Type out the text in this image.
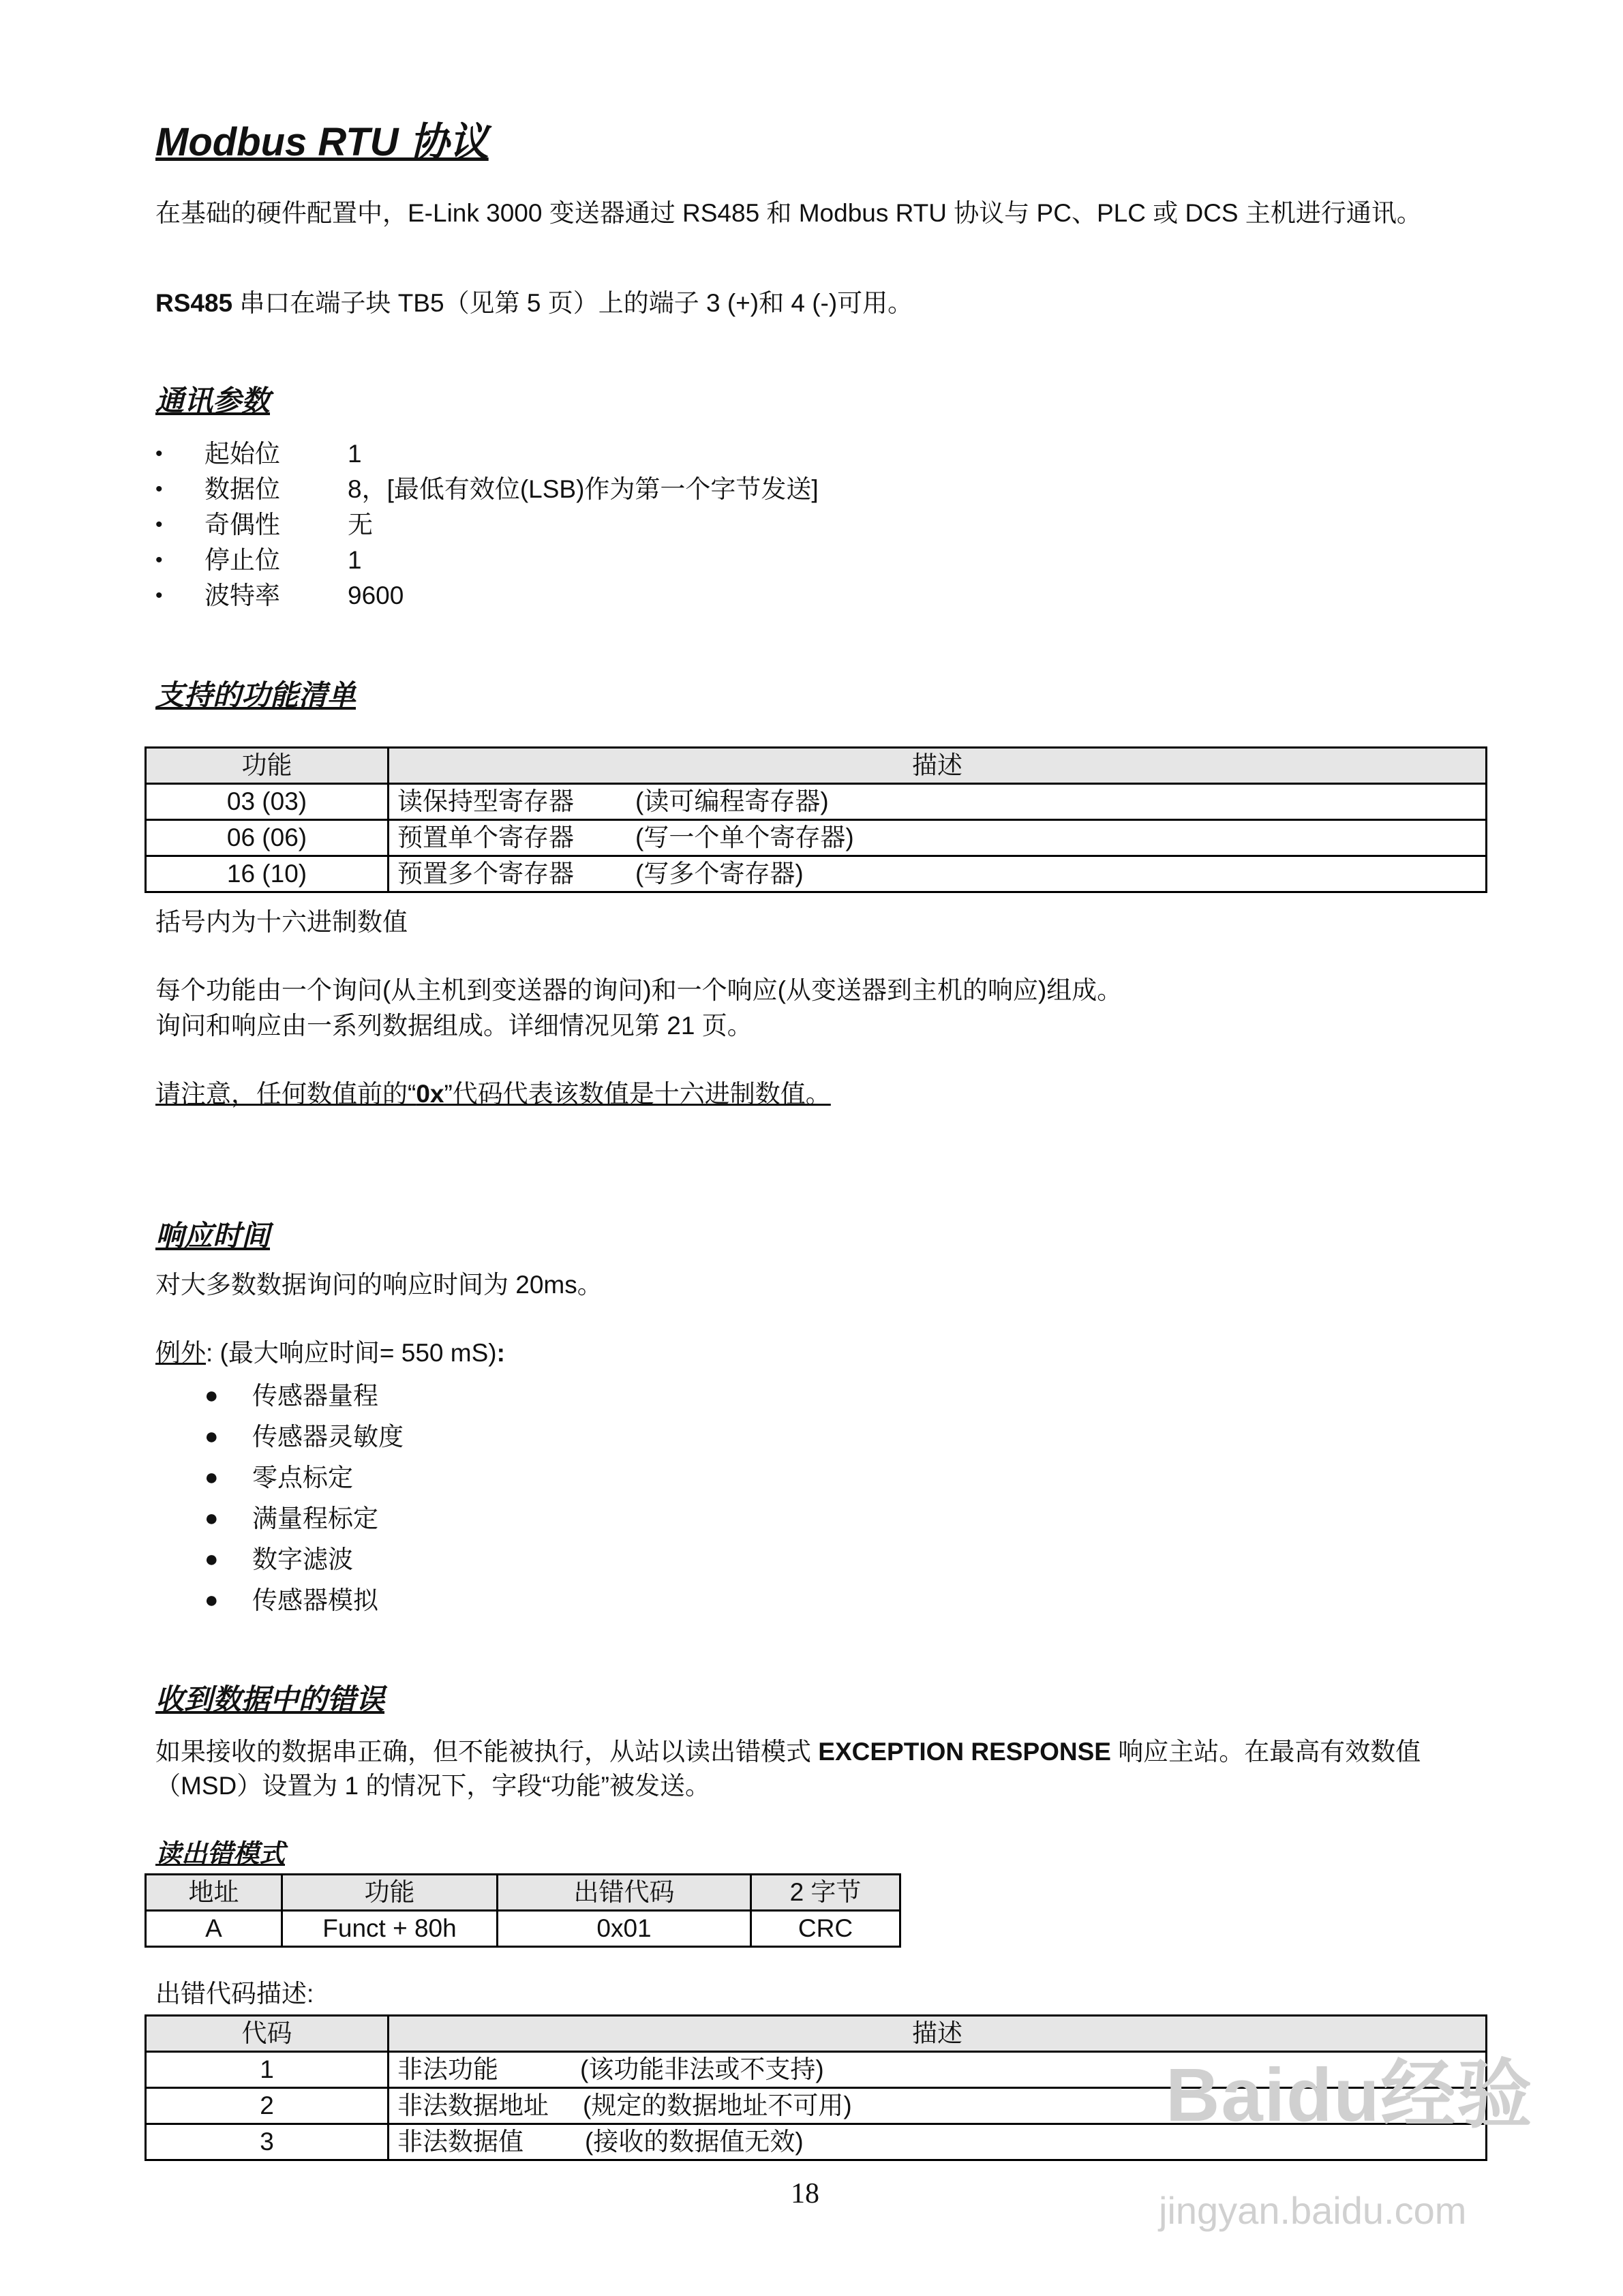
Modbus RTU 协议

在基础的硬件配置中，E-Link 3000 变送器通过 RS485 和 Modbus RTU 协议与 PC、PLC 或 DCS 主机进行通讯。

RS485 串口在端子块 TB5（见第 5 页）上的端子 3 (+)和 4 (-)可用。

通讯参数
•	起始位	1
•	数据位	8，[最低有效位(LSB)作为第一个字节发送]
•	奇偶性	无
•	停止位	1
•	波特率	9600
支持的功能清单
功能	描述
03 (03)	读保持型寄存器 (读可编程寄存器)
06 (06)	预置单个寄存器 (写一个单个寄存器)
16 (10)	预置多个寄存器 (写多个寄存器)

括号内为十六进制数值

每个功能由一个询问(从主机到变送器的询问)和一个响应(从变送器到主机的响应)组成。

询问和响应由一系列数据组成。详细情况见第 21 页。

请注意，任何数值前的“0x”代码代表该数值是十六进制数值。

响应时间

对大多数数据询问的响应时间为 20ms。

例外: (最大响应时间= 550 mS):

●	传感器量程
●	传感器灵敏度
●	零点标定
●	满量程标定
●	数字滤波
●	传感器模拟
收到数据中的错误

如果接收的数据串正确，但不能被执行，从站以读出错模式 EXCEPTION RESPONSE 响应主站。在最高有效数值（MSD）设置为 1 的情况下，字段“功能”被发送。

读出错模式
地址	功能	出错代码	2 字节
A	Funct + 80h	0x01	CRC

出错代码描述:

代码	描述
1	非法功能 (该功能非法或不支持)
2	非法数据地址 (规定的数据地址不可用)
3	非法数据值 (接收的数据值无效)
18
Baidu经验
jingyan.baidu.com
